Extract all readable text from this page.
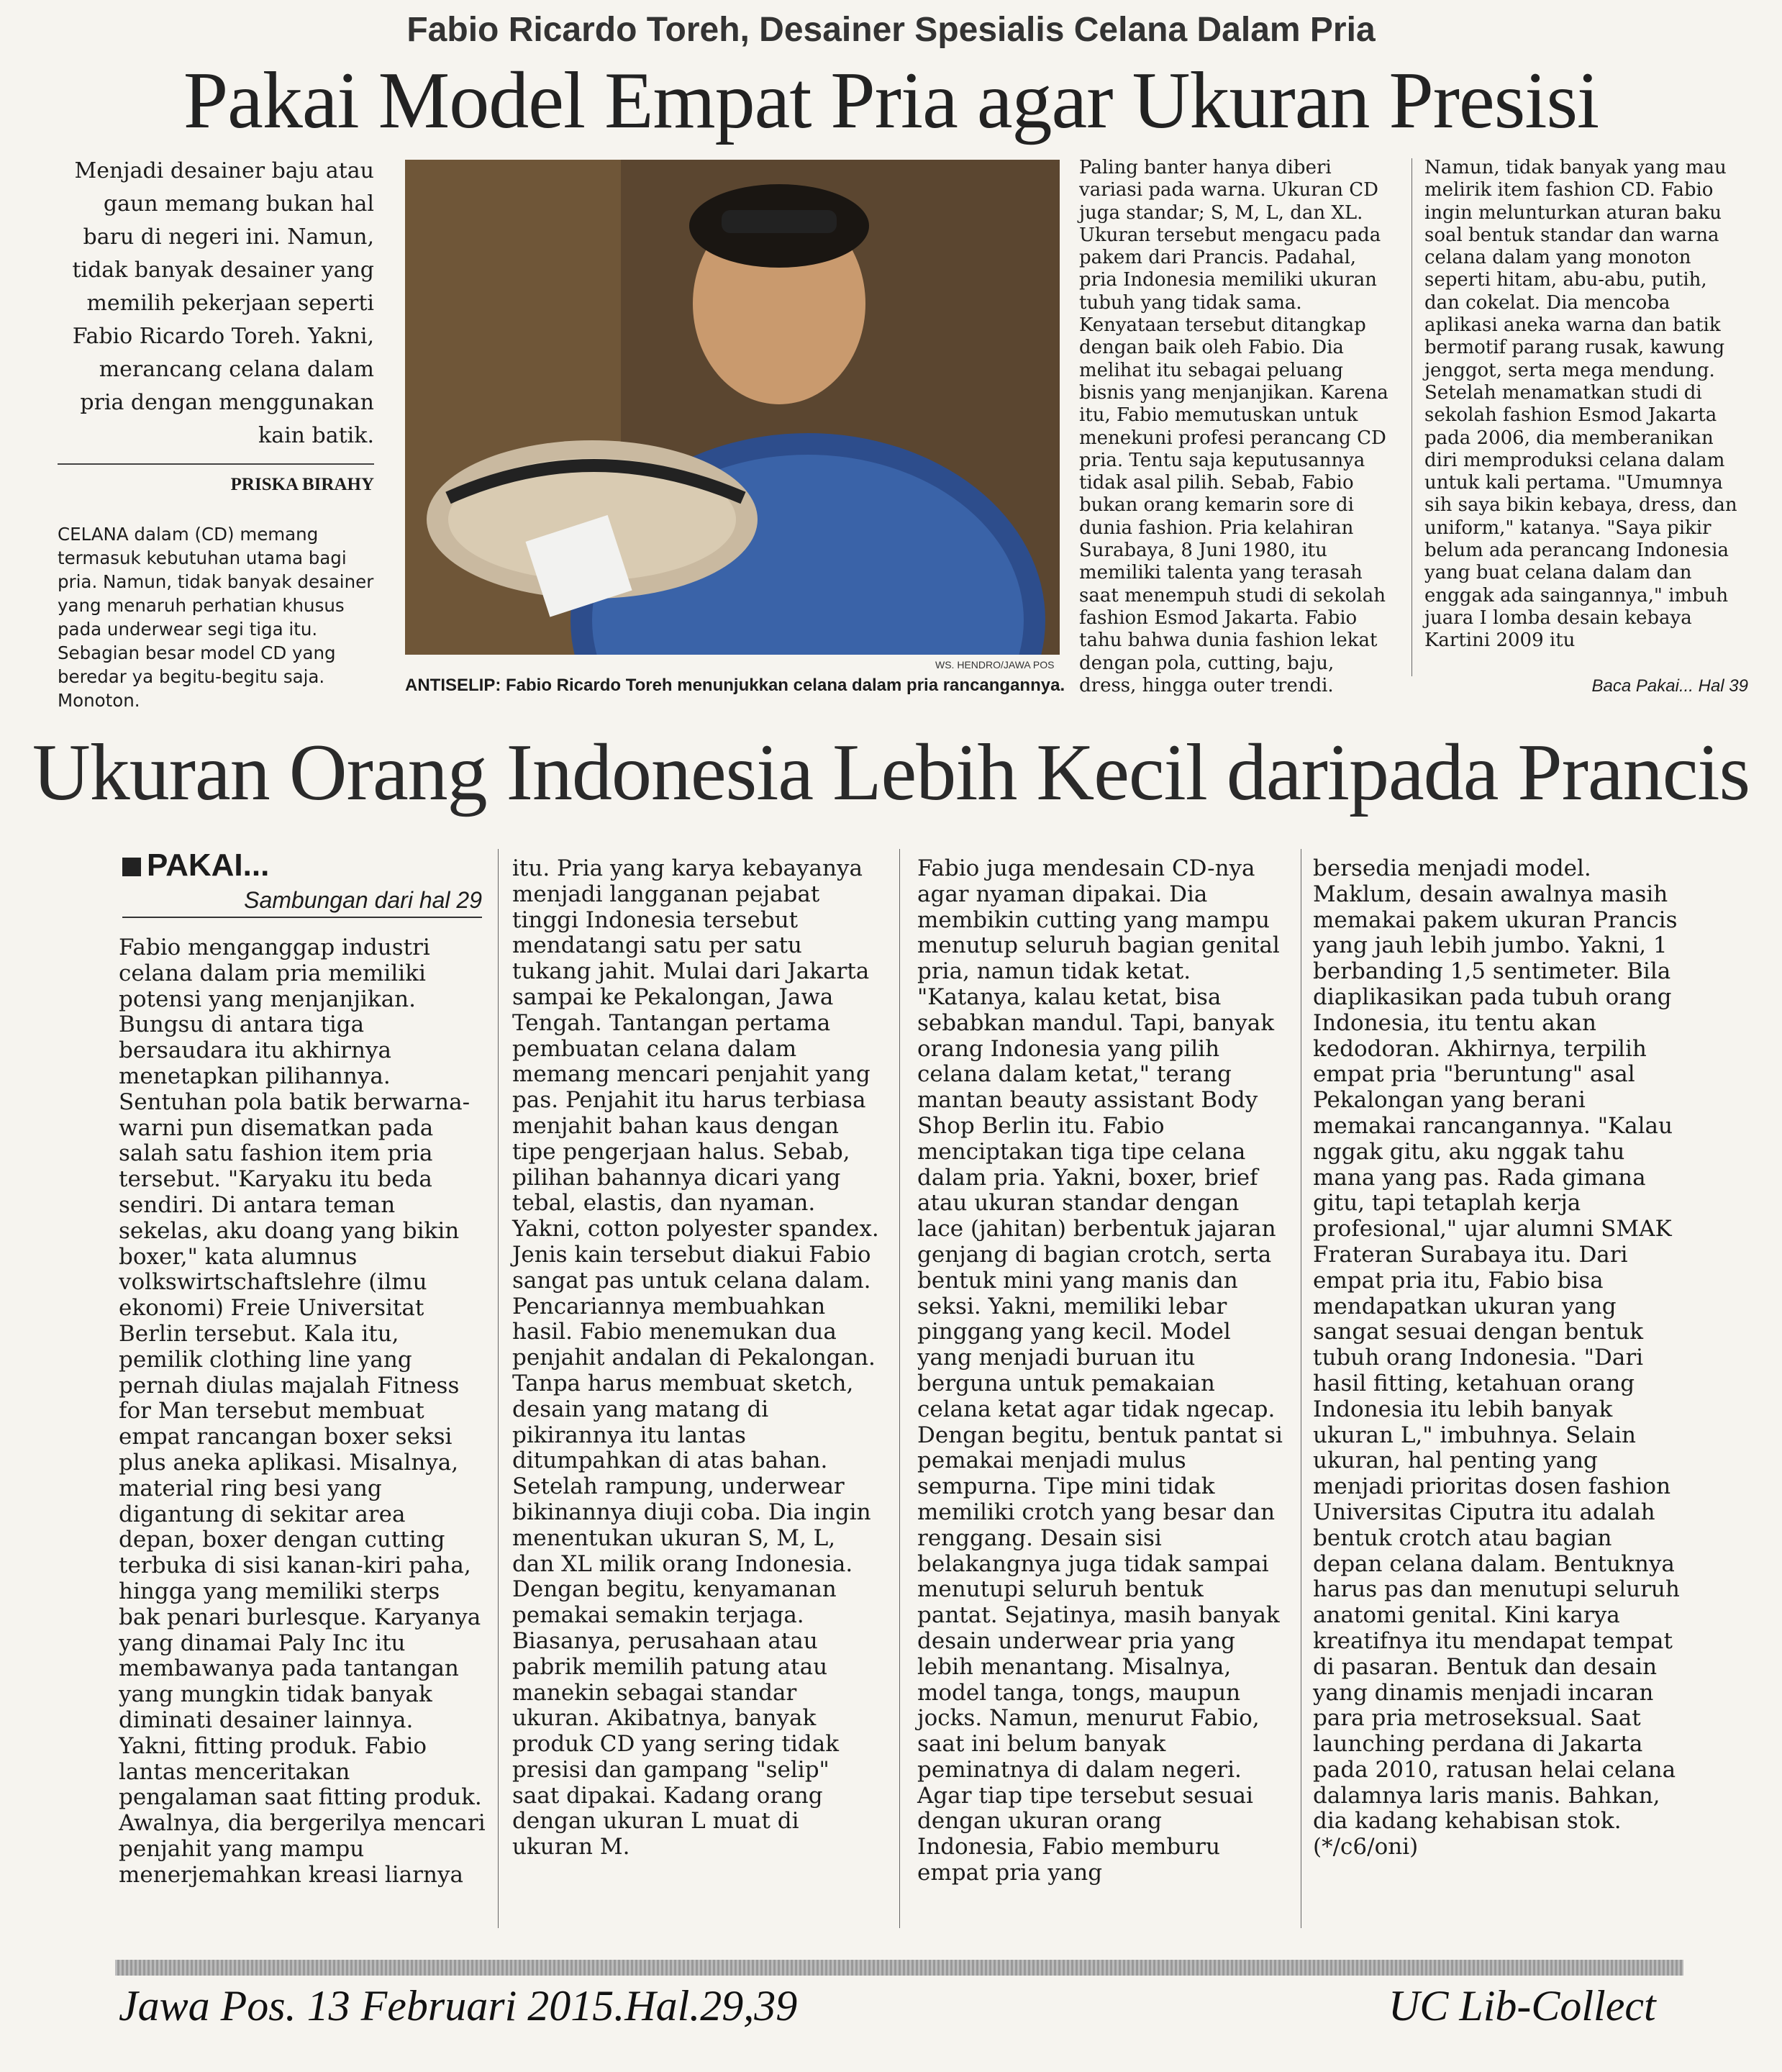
Fabio Ricardo Toreh, Desainer Spesialis Celana Dalam Pria
Pakai Model Empat Pria agar Ukuran Presisi

Menjadi desainer baju atau gaun memang bukan hal baru di negeri ini. Namun, tidak banyak desainer yang memilih pekerjaan seperti Fabio Ricardo Toreh. Yakni, merancang celana dalam pria dengan menggunakan kain batik.

PRISKA BIRAHY

CELANA dalam (CD) memang termasuk kebutuhan utama bagi pria. Namun, tidak banyak desainer yang menaruh perhatian khusus pada underwear segi tiga itu. Sebagian besar model CD yang beredar ya begitu-begitu saja. Monoton.

WS. HENDRO/JAWA POS
ANTISELIP: Fabio Ricardo Toreh menunjukkan celana dalam pria rancangannya.

Paling banter hanya diberi variasi pada warna. Ukuran CD juga standar; S, M, L, dan XL. Ukuran tersebut mengacu pada pakem dari Prancis. Padahal, pria Indonesia memiliki ukuran tubuh yang tidak sama. Kenyataan tersebut ditangkap dengan baik oleh Fabio. Dia melihat itu sebagai peluang bisnis yang menjanjikan. Karena itu, Fabio memutuskan untuk menekuni profesi perancang CD pria. Tentu saja keputusannya tidak asal pilih. Sebab, Fabio bukan orang kemarin sore di dunia fashion. Pria kelahiran Surabaya, 8 Juni 1980, itu memiliki talenta yang terasah saat menempuh studi di sekolah fashion Esmod Jakarta. Fabio tahu bahwa dunia fashion lekat dengan pola, cutting, baju, dress, hingga outer trendi.

Namun, tidak banyak yang mau melirik item fashion CD. Fabio ingin melunturkan aturan baku soal bentuk standar dan warna celana dalam yang monoton seperti hitam, abu-abu, putih, dan cokelat. Dia mencoba aplikasi aneka warna dan batik bermotif parang rusak, kawung jenggot, serta mega mendung. Setelah menamatkan studi di sekolah fashion Esmod Jakarta pada 2006, dia memberanikan diri memproduksi celana dalam untuk kali pertama. "Umumnya sih saya bikin kebaya, dress, dan uniform," katanya. "Saya pikir belum ada perancang Indonesia yang buat celana dalam dan enggak ada saingannya," imbuh juara I lomba desain kebaya Kartini 2009 itu

Baca Pakai... Hal 39
Ukuran Orang Indonesia Lebih Kecil daripada Prancis
PAKAI...
Sambungan dari hal 29

Fabio menganggap industri celana dalam pria memiliki potensi yang menjanjikan. Bungsu di antara tiga bersaudara itu akhirnya menetapkan pilihannya. Sentuhan pola batik berwarna-warni pun disematkan pada salah satu fashion item pria tersebut. "Karyaku itu beda sendiri. Di antara teman sekelas, aku doang yang bikin boxer," kata alumnus volkswirtschaftslehre (ilmu ekonomi) Freie Universitat Berlin tersebut. Kala itu, pemilik clothing line yang pernah diulas majalah Fitness for Man tersebut membuat empat rancangan boxer seksi plus aneka aplikasi. Misalnya, material ring besi yang digantung di sekitar area depan, boxer dengan cutting terbuka di sisi kanan-kiri paha, hingga yang memiliki sterps bak penari burlesque. Karyanya yang dinamai Paly Inc itu membawanya pada tantangan yang mungkin tidak banyak diminati desainer lainnya. Yakni, fitting produk. Fabio lantas menceritakan pengalaman saat fitting produk. Awalnya, dia bergerilya mencari penjahit yang mampu menerjemahkan kreasi liarnya

itu. Pria yang karya kebayanya menjadi langganan pejabat tinggi Indonesia tersebut mendatangi satu per satu tukang jahit. Mulai dari Jakarta sampai ke Pekalongan, Jawa Tengah. Tantangan pertama pembuatan celana dalam memang mencari penjahit yang pas. Penjahit itu harus terbiasa menjahit bahan kaus dengan tipe pengerjaan halus. Sebab, pilihan bahannya dicari yang tebal, elastis, dan nyaman. Yakni, cotton polyester spandex. Jenis kain tersebut diakui Fabio sangat pas untuk celana dalam. Pencariannya membuahkan hasil. Fabio menemukan dua penjahit andalan di Pekalongan. Tanpa harus membuat sketch, desain yang matang di pikirannya itu lantas ditumpahkan di atas bahan. Setelah rampung, underwear bikinannya diuji coba. Dia ingin menentukan ukuran S, M, L, dan XL milik orang Indonesia. Dengan begitu, kenyamanan pemakai semakin terjaga. Biasanya, perusahaan atau pabrik memilih patung atau manekin sebagai standar ukuran. Akibatnya, banyak produk CD yang sering tidak presisi dan gampang "selip" saat dipakai. Kadang orang dengan ukuran L muat di ukuran M.

Fabio juga mendesain CD-nya agar nyaman dipakai. Dia membikin cutting yang mampu menutup seluruh bagian genital pria, namun tidak ketat. "Katanya, kalau ketat, bisa sebabkan mandul. Tapi, banyak orang Indonesia yang pilih celana dalam ketat," terang mantan beauty assistant Body Shop Berlin itu. Fabio menciptakan tiga tipe celana dalam pria. Yakni, boxer, brief atau ukuran standar dengan lace (jahitan) berbentuk jajaran genjang di bagian crotch, serta bentuk mini yang manis dan seksi. Yakni, memiliki lebar pinggang yang kecil. Model yang menjadi buruan itu berguna untuk pemakaian celana ketat agar tidak ngecap. Dengan begitu, bentuk pantat si pemakai menjadi mulus sempurna. Tipe mini tidak memiliki crotch yang besar dan renggang. Desain sisi belakangnya juga tidak sampai menutupi seluruh bentuk pantat. Sejatinya, masih banyak desain underwear pria yang lebih menantang. Misalnya, model tanga, tongs, maupun jocks. Namun, menurut Fabio, saat ini belum banyak peminatnya di dalam negeri. Agar tiap tipe tersebut sesuai dengan ukuran orang Indonesia, Fabio memburu empat pria yang

bersedia menjadi model. Maklum, desain awalnya masih memakai pakem ukuran Prancis yang jauh lebih jumbo. Yakni, 1 berbanding 1,5 sentimeter. Bila diaplikasikan pada tubuh orang Indonesia, itu tentu akan kedodoran. Akhirnya, terpilih empat pria "beruntung" asal Pekalongan yang berani memakai rancangannya. "Kalau nggak gitu, aku nggak tahu mana yang pas. Rada gimana gitu, tapi tetaplah kerja profesional," ujar alumni SMAK Frateran Surabaya itu. Dari empat pria itu, Fabio bisa mendapatkan ukuran yang sangat sesuai dengan bentuk tubuh orang Indonesia. "Dari hasil fitting, ketahuan orang Indonesia itu lebih banyak ukuran L," imbuhnya. Selain ukuran, hal penting yang menjadi prioritas dosen fashion Universitas Ciputra itu adalah bentuk crotch atau bagian depan celana dalam. Bentuknya harus pas dan menutupi seluruh anatomi genital. Kini karya kreatifnya itu mendapat tempat di pasaran. Bentuk dan desain yang dinamis menjadi incaran para pria metroseksual. Saat launching perdana di Jakarta pada 2010, ratusan helai celana dalamnya laris manis. Bahkan, dia kadang kehabisan stok. (*/c6/oni)

Jawa Pos. 13 Februari 2015.Hal.29,39	UC Lib-Collect
